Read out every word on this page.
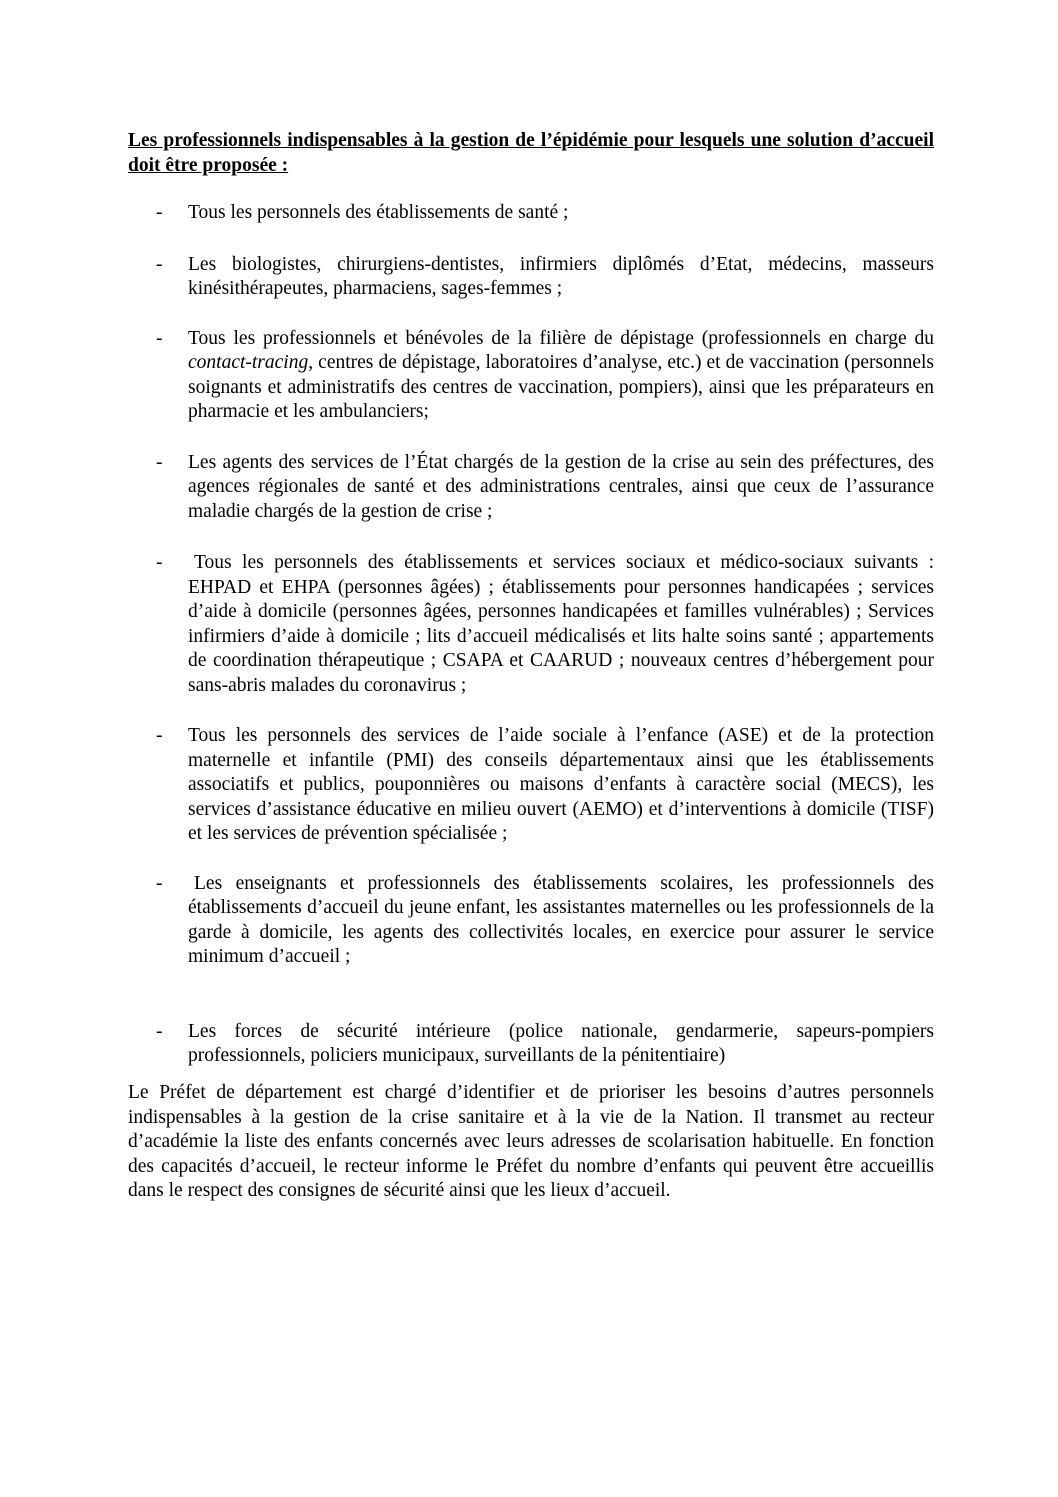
Les professionnels indispensables à la gestion de l’épidémie pour lesquels une solution d’accueil doit être proposée :

- Tous les personnels des établissements de santé ;
- Les biologistes, chirurgiens-dentistes, infirmiers diplômés d’Etat, médecins, masseurs kinésithérapeutes, pharmaciens, sages-femmes ;
- Tous les professionnels et bénévoles de la filière de dépistage (professionnels en charge du contact-tracing, centres de dépistage, laboratoires d’analyse, etc.) et de vaccination (personnels soignants et administratifs des centres de vaccination, pompiers), ainsi que les préparateurs en pharmacie et les ambulanciers;
- Les agents des services de l’État chargés de la gestion de la crise au sein des préfectures, des agences régionales de santé et des administrations centrales, ainsi que ceux de l’assurance maladie chargés de la gestion de crise ;
-	Tous les personnels des établissements et services sociaux et médico-sociaux suivants : EHPAD et EHPA (personnes âgées) ; établissements pour personnes handicapées ; services d’aide à domicile (personnes âgées, personnes handicapées et familles vulnérables) ; Services infirmiers d’aide à domicile ; lits d’accueil médicalisés et lits halte soins santé ; appartements de coordination thérapeutique ; CSAPA et CAARUD ; nouveaux centres d’hébergement pour sans-abris malades du coronavirus ;
- Tous les personnels des services de l’aide sociale à l’enfance (ASE) et de la protection maternelle et infantile (PMI) des conseils départementaux ainsi que les établissements associatifs et publics, pouponnières ou maisons d’enfants à caractère social (MECS), les services d’assistance éducative en milieu ouvert (AEMO) et d’interventions à domicile (TISF) et les services de prévention spécialisée ;
-	Les enseignants et professionnels des établissements scolaires, les professionnels des établissements d’accueil du jeune enfant, les assistantes maternelles ou les professionnels de la garde à domicile, les agents des collectivités locales, en exercice pour assurer le service minimum d’accueil ;
- Les forces de sécurité intérieure (police nationale, gendarmerie, sapeurs-pompiers professionnels, policiers municipaux, surveillants de la pénitentiaire)

Le Préfet de département est chargé d’identifier et de prioriser les besoins d’autres personnels indispensables à la gestion de la crise sanitaire et à la vie de la Nation. Il transmet au recteur d’académie la liste des enfants concernés avec leurs adresses de scolarisation habituelle. En fonction des capacités d’accueil, le recteur informe le Préfet du nombre d’enfants qui peuvent être accueillis dans le respect des consignes de sécurité ainsi que les lieux d’accueil.
